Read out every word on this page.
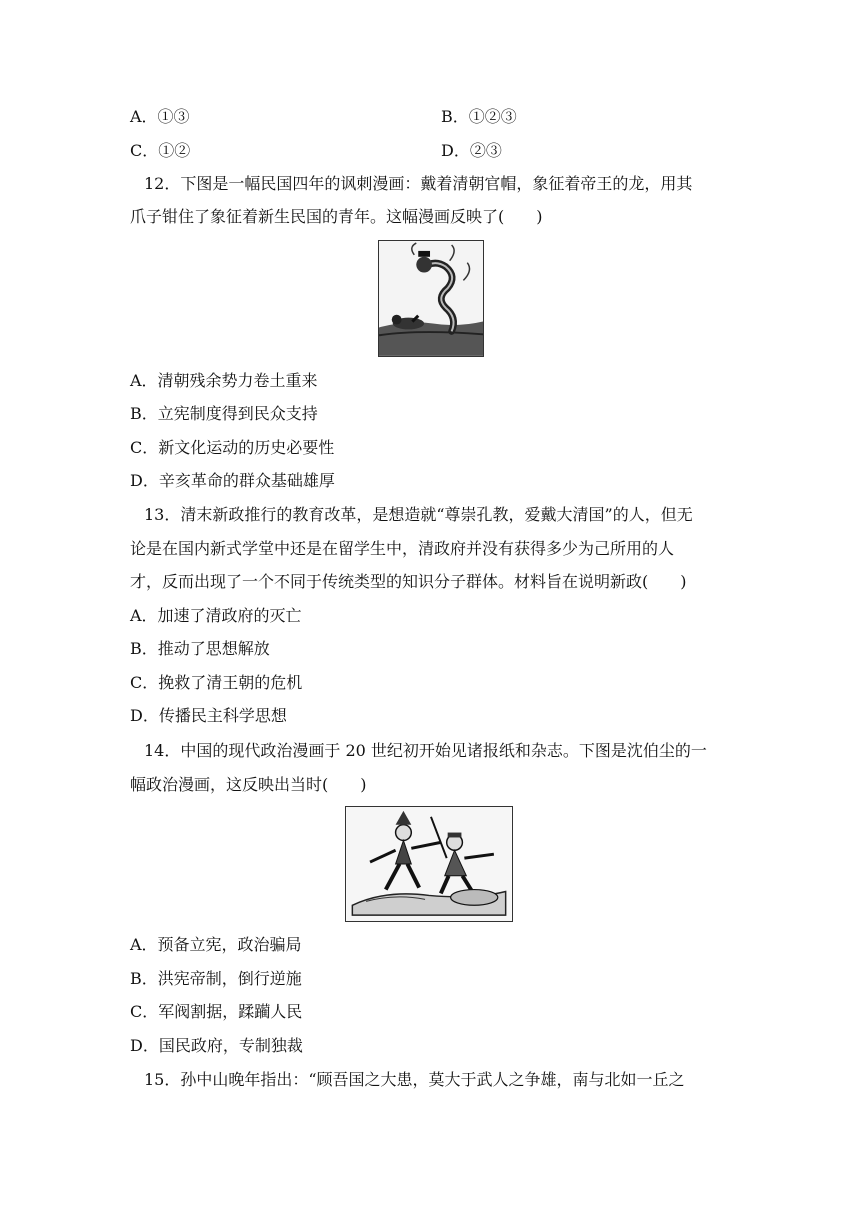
A．①③	B．①②③
C．①②	D．②③
12．下图是一幅民国四年的讽刺漫画：戴着清朝官帽，象征着帝王的龙，用其
爪子钳住了象征着新生民国的青年。这幅漫画反映了(　　)
A．清朝残余势力卷土重来
B．立宪制度得到民众支持
C．新文化运动的历史必要性
D．辛亥革命的群众基础雄厚
13．清末新政推行的教育改革，是想造就“尊崇孔教，爱戴大清国”的人，但无
论是在国内新式学堂中还是在留学生中，清政府并没有获得多少为己所用的人
才，反而出现了一个不同于传统类型的知识分子群体。材料旨在说明新政(　　)
A．加速了清政府的灭亡
B．推动了思想解放
C．挽救了清王朝的危机
D．传播民主科学思想
14．中国的现代政治漫画于 20 世纪初开始见诸报纸和杂志。下图是沈伯尘的一
幅政治漫画，这反映出当时(　　)
A．预备立宪，政治骗局
B．洪宪帝制，倒行逆施
C．军阀割据，蹂躏人民
D．国民政府，专制独裁
15．孙中山晚年指出：“顾吾国之大患，莫大于武人之争雄，南与北如一丘之
